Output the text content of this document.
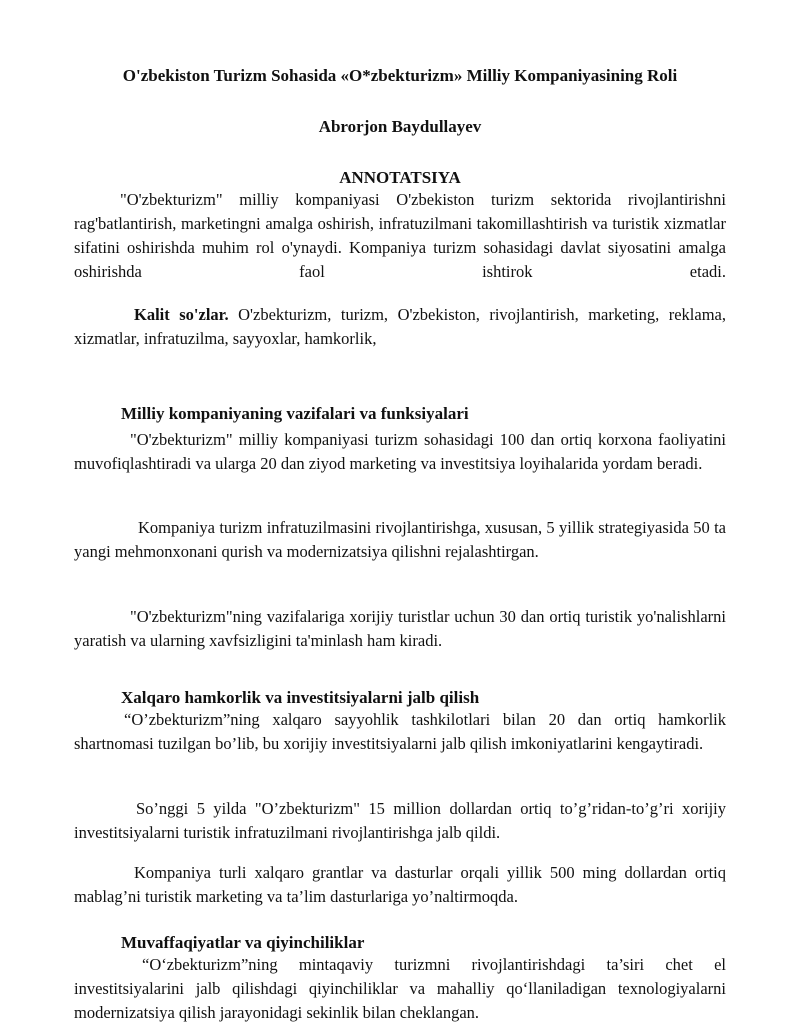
O'zbekiston Turizm Sohasida «O*zbekturizm» Milliy Kompaniyasining Roli
Abrorjon Baydullayev
ANNOTATSIYA

"O'zbekturizm" milliy kompaniyasi O'zbekiston turizm sektorida rivojlantirishni rag'batlantirish, marketingni amalga oshirish, infratuzilmani takomillashtirish va turistik xizmatlar sifatini oshirishda muhim rol o'ynaydi. Kompaniya turizm sohasidagi davlat siyosatini amalga oshirishda faol ishtirok etadi.

Kalit so'zlar. O'zbekturizm, turizm, O'zbekiston, rivojlantirish, marketing, reklama, xizmatlar, infratuzilma, sayyoxlar, hamkorlik,

Milliy kompaniyaning vazifalari va funksiyalari

"O'zbekturizm" milliy kompaniyasi turizm sohasidagi 100 dan ortiq korxona faoliyatini muvofiqlashtiradi va ularga 20 dan ziyod marketing va investitsiya loyihalarida yordam beradi.

Kompaniya turizm infratuzilmasini rivojlantirishga, xususan, 5 yillik strategiyasida 50 ta yangi mehmonxonani qurish va modernizatsiya qilishni rejalashtirgan.

"O'zbekturizm"ning vazifalariga xorijiy turistlar uchun 30 dan ortiq turistik yo'nalishlarni yaratish va ularning xavfsizligini ta'minlash ham kiradi.

Xalqaro hamkorlik va investitsiyalarni jalb qilish

“O’zbekturizm”ning xalqaro sayyohlik tashkilotlari bilan 20 dan ortiq hamkorlik shartnomasi tuzilgan bo’lib, bu xorijiy investitsiyalarni jalb qilish imkoniyatlarini kengaytiradi.

So’nggi 5 yilda "O’zbekturizm" 15 million dollardan ortiq to’g’ridan-to’g’ri xorijiy investitsiyalarni turistik infratuzilmani rivojlantirishga jalb qildi.

Kompaniya turli xalqaro grantlar va dasturlar orqali yillik 500 ming dollardan ortiq mablag’ni turistik marketing va ta’lim dasturlariga yo’naltirmoqda.

Muvaffaqiyatlar va qiyinchiliklar

“O‘zbekturizm”ning mintaqaviy turizmni rivojlantirishdagi ta’siri chet el investitsiyalarini jalb qilishdagi qiyinchiliklar va mahalliy qo‘llaniladigan texnologiyalarni modernizatsiya qilish jarayonidagi sekinlik bilan cheklangan.
